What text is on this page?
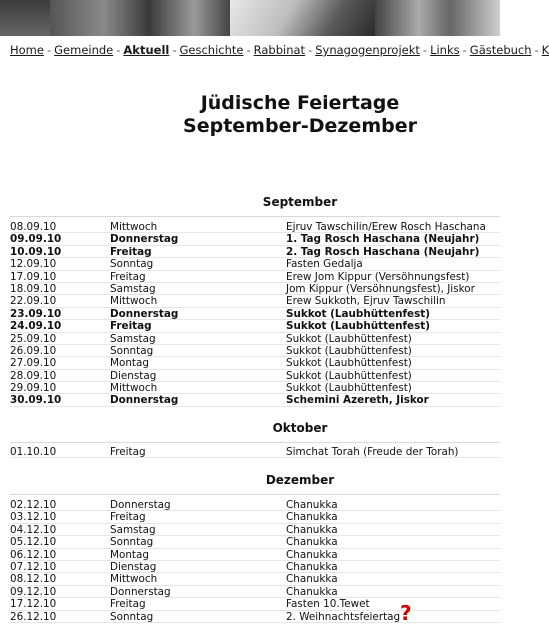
Home - Gemeinde - Aktuell - Geschichte - Rabbinat - Synagogenprojekt - Links - Gästebuch - K
Jüdische Feiertage
September-Dezember
September
08.09.10	Mittwoch	Ejruv Tawschilin/Erew Rosch Haschana
09.09.10	Donnerstag	1. Tag Rosch Haschana (Neujahr)
10.09.10	Freitag	2. Tag Rosch Haschana (Neujahr)
12.09.10	Sonntag	Fasten Gedalja
17.09.10	Freitag	Erew Jom Kippur (Versöhnungsfest)
18.09.10	Samstag	Jom Kippur (Versöhnungsfest), Jiskor
22.09.10	Mittwoch	Erew Sukkoth, Ejruv Tawschilin
23.09.10	Donnerstag	Sukkot (Laubhüttenfest)
24.09.10	Freitag	Sukkot (Laubhüttenfest)
25.09.10	Samstag	Sukkot (Laubhüttenfest)
26.09.10	Sonntag	Sukkot (Laubhüttenfest)
27.09.10	Montag	Sukkot (Laubhüttenfest)
28.09.10	Dienstag	Sukkot (Laubhüttenfest)
29.09.10	Mittwoch	Sukkot (Laubhüttenfest)
30.09.10	Donnerstag	Schemini Azereth, Jiskor
Oktober
01.10.10	Freitag	Simchat Torah (Freude der Torah)
Dezember
02.12.10	Donnerstag	Chanukka
03.12.10	Freitag	Chanukka
04.12.10	Samstag	Chanukka
05.12.10	Sonntag	Chanukka
06.12.10	Montag	Chanukka
07.12.10	Dienstag	Chanukka
08.12.10	Mittwoch	Chanukka
09.12.10	Donnerstag	Chanukka
17.12.10	Freitag	Fasten 10.Tewet
26.12.10	Sonntag	2. Weihnachtsfeiertag ?
